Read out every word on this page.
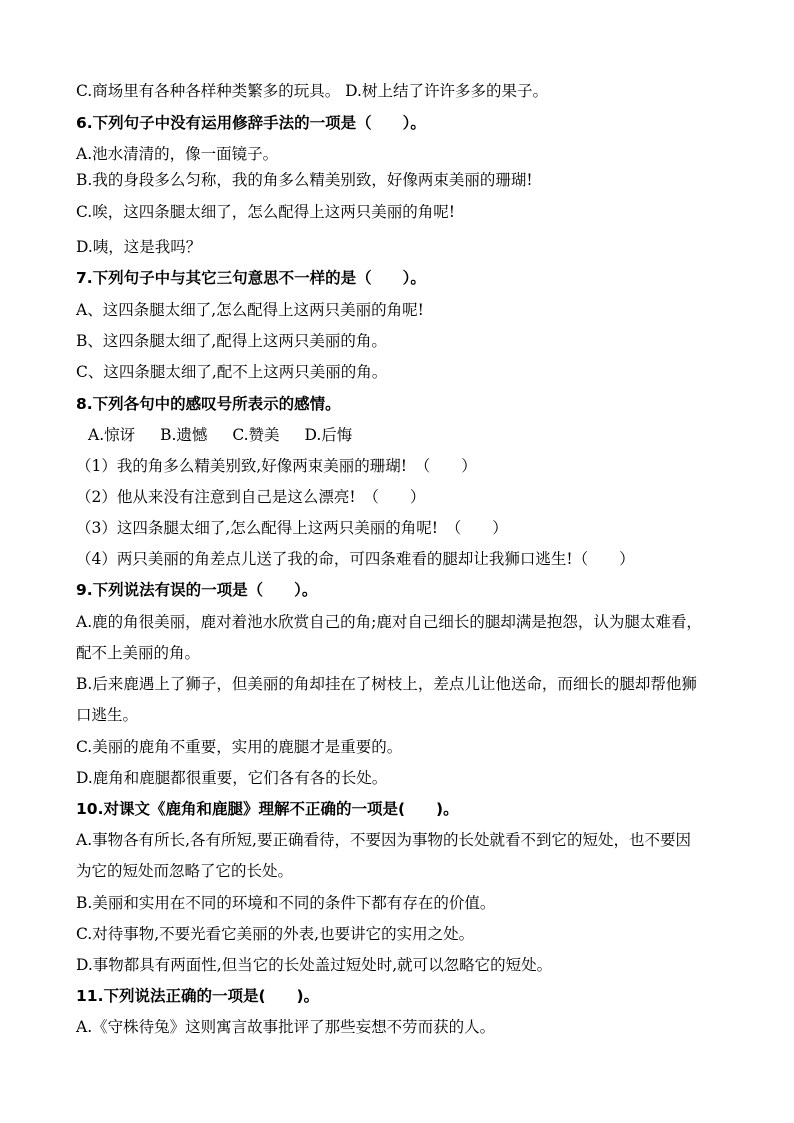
C.商场里有各种各样种类繁多的玩具。 D.树上结了许许多多的果子。
6.下列句子中没有运用修辞手法的一项是（　　）。
A.池水清清的，像一面镜子。
B.我的身段多么匀称，我的角多么精美别致，好像两束美丽的珊瑚!
C.唉，这四条腿太细了，怎么配得上这两只美丽的角呢!
D.咦，这是我吗？
7.下列句子中与其它三句意思不一样的是（　　）。
A、这四条腿太细了,怎么配得上这两只美丽的角呢!
B、这四条腿太细了,配得上这两只美丽的角。
C、这四条腿太细了,配不上这两只美丽的角。
8.下列各句中的感叹号所表示的感情。
A.惊讶 B.遗憾 C.赞美 D.后悔
（1）我的角多么精美别致,好像两束美丽的珊瑚!　（　　）
（2）他从来没有注意到自己是这么漂亮!　（　　）
（3）这四条腿太细了,怎么配得上这两只美丽的角呢!　（　　）
（4）两只美丽的角差点儿送了我的命，可四条难看的腿却让我狮口逃生!（　　）
9.下列说法有误的一项是（　　）。
A.鹿的角很美丽，鹿对着池水欣赏自己的角;鹿对自己细长的腿却满是抱怨，认为腿太难看，
配不上美丽的角。
B.后来鹿遇上了狮子，但美丽的角却挂在了树枝上，差点儿让他送命，而细长的腿却帮他狮
口逃生。
C.美丽的鹿角不重要，实用的鹿腿才是重要的。
D.鹿角和鹿腿都很重要，它们各有各的长处。
10.对课文《鹿角和鹿腿》理解不正确的一项是(　　)。
A.事物各有所长,各有所短,要正确看待，不要因为事物的长处就看不到它的短处，也不要因
为它的短处而忽略了它的长处。
B.美丽和实用在不同的环境和不同的条件下都有存在的价值。
C.对待事物,不要光看它美丽的外表,也要讲它的实用之处。
D.事物都具有两面性,但当它的长处盖过短处时,就可以忽略它的短处。
11.下列说法正确的一项是(　　)。
A.《守株待兔》这则寓言故事批评了那些妄想不劳而获的人。
